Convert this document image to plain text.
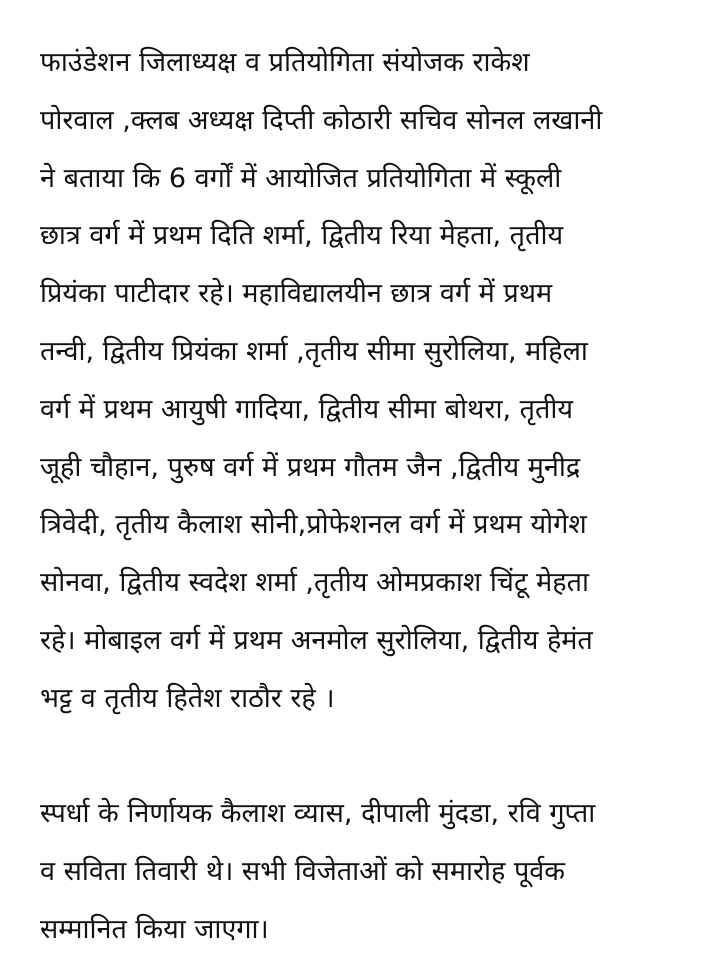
फाउंडेशन जिलाध्यक्ष व प्रतियोगिता संयोजक राकेश
पोरवाल ,क्लब अध्यक्ष दिप्ती कोठारी सचिव सोनल लखानी
ने बताया कि 6 वर्गों में आयोजित प्रतियोगिता में स्कूली
छात्र वर्ग में प्रथम दिति शर्मा, द्वितीय रिया मेहता, तृतीय
प्रियंका पाटीदार रहे। महाविद्यालयीन छात्र वर्ग में प्रथम
तन्वी, द्वितीय प्रियंका शर्मा ,तृतीय सीमा सुरोलिया, महिला
वर्ग में प्रथम आयुषी गादिया, द्वितीय सीमा बोथरा, तृतीय
जूही चौहान, पुरुष वर्ग में प्रथम गौतम जैन ,द्वितीय मुनीद्र
त्रिवेदी, तृतीय कैलाश सोनी,प्रोफेशनल वर्ग में प्रथम योगेश
सोनवा, द्वितीय स्वदेश शर्मा ,तृतीय ओमप्रकाश चिंटू मेहता
रहे। मोबाइल वर्ग में प्रथम अनमोल सुरोलिया, द्वितीय हेमंत
भट्ट व तृतीय हितेश राठौर रहे ।
स्पर्धा के निर्णायक कैलाश व्यास, दीपाली मुंदडा, रवि गुप्ता
व सविता तिवारी थे। सभी विजेताओं को समारोह पूर्वक
सम्मानित किया जाएगा।
